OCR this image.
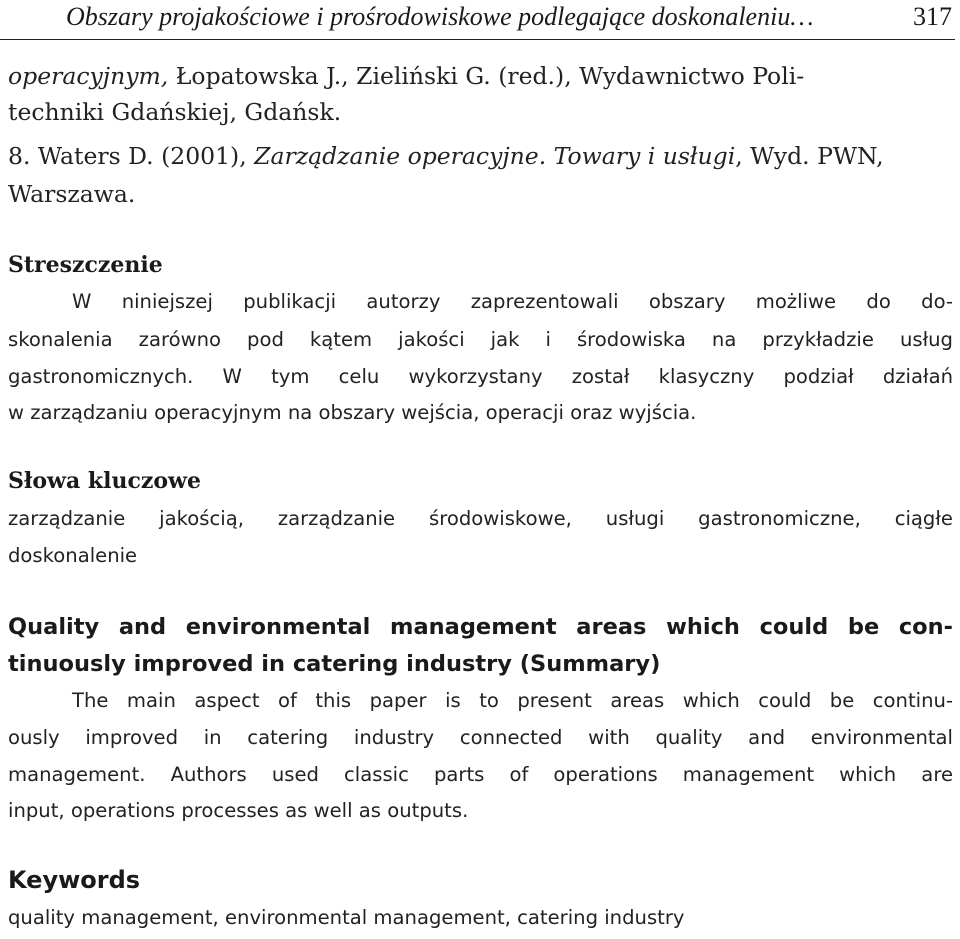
Obszary projakościowe i prośrodowiskowe podlegające doskonaleniu…	317
operacyjnym, Łopatowska J., Zieliński G. (red.), Wydawnictwo Poli-
techniki Gdańskiej, Gdańsk.
8. Waters D. (2001), Zarządzanie operacyjne. Towary i usługi, Wyd. PWN,
Warszawa.
Streszczenie
W niniejszej publikacji autorzy zaprezentowali obszary możliwe do do-
skonalenia zarówno pod kątem jakości jak i środowiska na przykładzie usług
gastronomicznych. W tym celu wykorzystany został klasyczny podział działań
w zarządzaniu operacyjnym na obszary wejścia, operacji oraz wyjścia.
Słowa kluczowe
zarządzanie jakością, zarządzanie środowiskowe, usługi gastronomiczne, ciągłe
doskonalenie
Quality and environmental management areas which could be con-
tinuously improved in catering industry (Summary)
The main aspect of this paper is to present areas which could be continu-
ously improved in catering industry connected with quality and environmental
management. Authors used classic parts of operations management which are
input, operations processes as well as outputs.
Keywords
quality management, environmental management, catering industry
